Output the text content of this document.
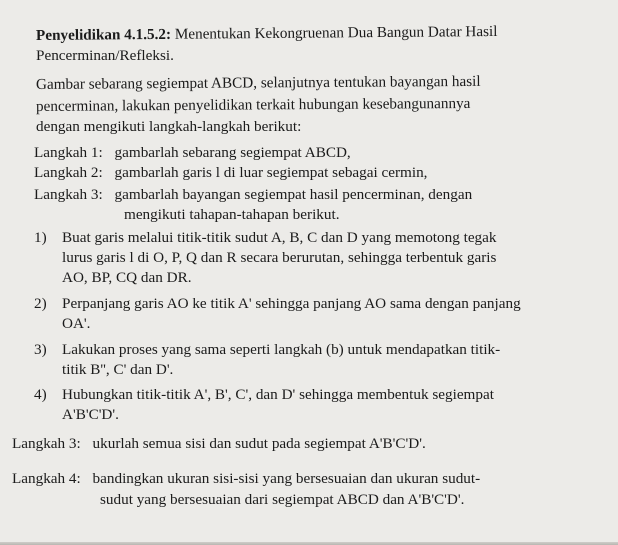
Penyelidikan 4.1.5.2: Menentukan Kekongruenan Dua Bangun Datar Hasil
Pencerminan/Refleksi.
Gambar sebarang segiempat ABCD, selanjutnya tentukan bayangan hasil
pencerminan, lakukan penyelidikan terkait hubungan kesebangunannya
dengan mengikuti langkah-langkah berikut:
Langkah 1: gambarlah sebarang segiempat ABCD,
Langkah 2: gambarlah garis l di luar segiempat sebagai cermin,
Langkah 3: gambarlah bayangan segiempat hasil pencerminan, dengan
mengikuti tahapan-tahapan berikut.
1) Buat garis melalui titik-titik sudut A, B, C dan D yang memotong tegak
lurus garis l di O, P, Q dan R secara berurutan, sehingga terbentuk garis
AO, BP, CQ dan DR.
2) Perpanjang garis AO ke titik A' sehingga panjang AO sama dengan panjang
OA'.
3) Lakukan proses yang sama seperti langkah (b) untuk mendapatkan titik-
titik B'', C' dan D'.
4) Hubungkan titik-titik A', B', C', dan D' sehingga membentuk segiempat
A'B'C'D'.
Langkah 3: ukurlah semua sisi dan sudut pada segiempat A'B'C'D'.
Langkah 4: bandingkan ukuran sisi-sisi yang bersesuaian dan ukuran sudut-
sudut yang bersesuaian dari segiempat ABCD dan A'B'C'D'.
